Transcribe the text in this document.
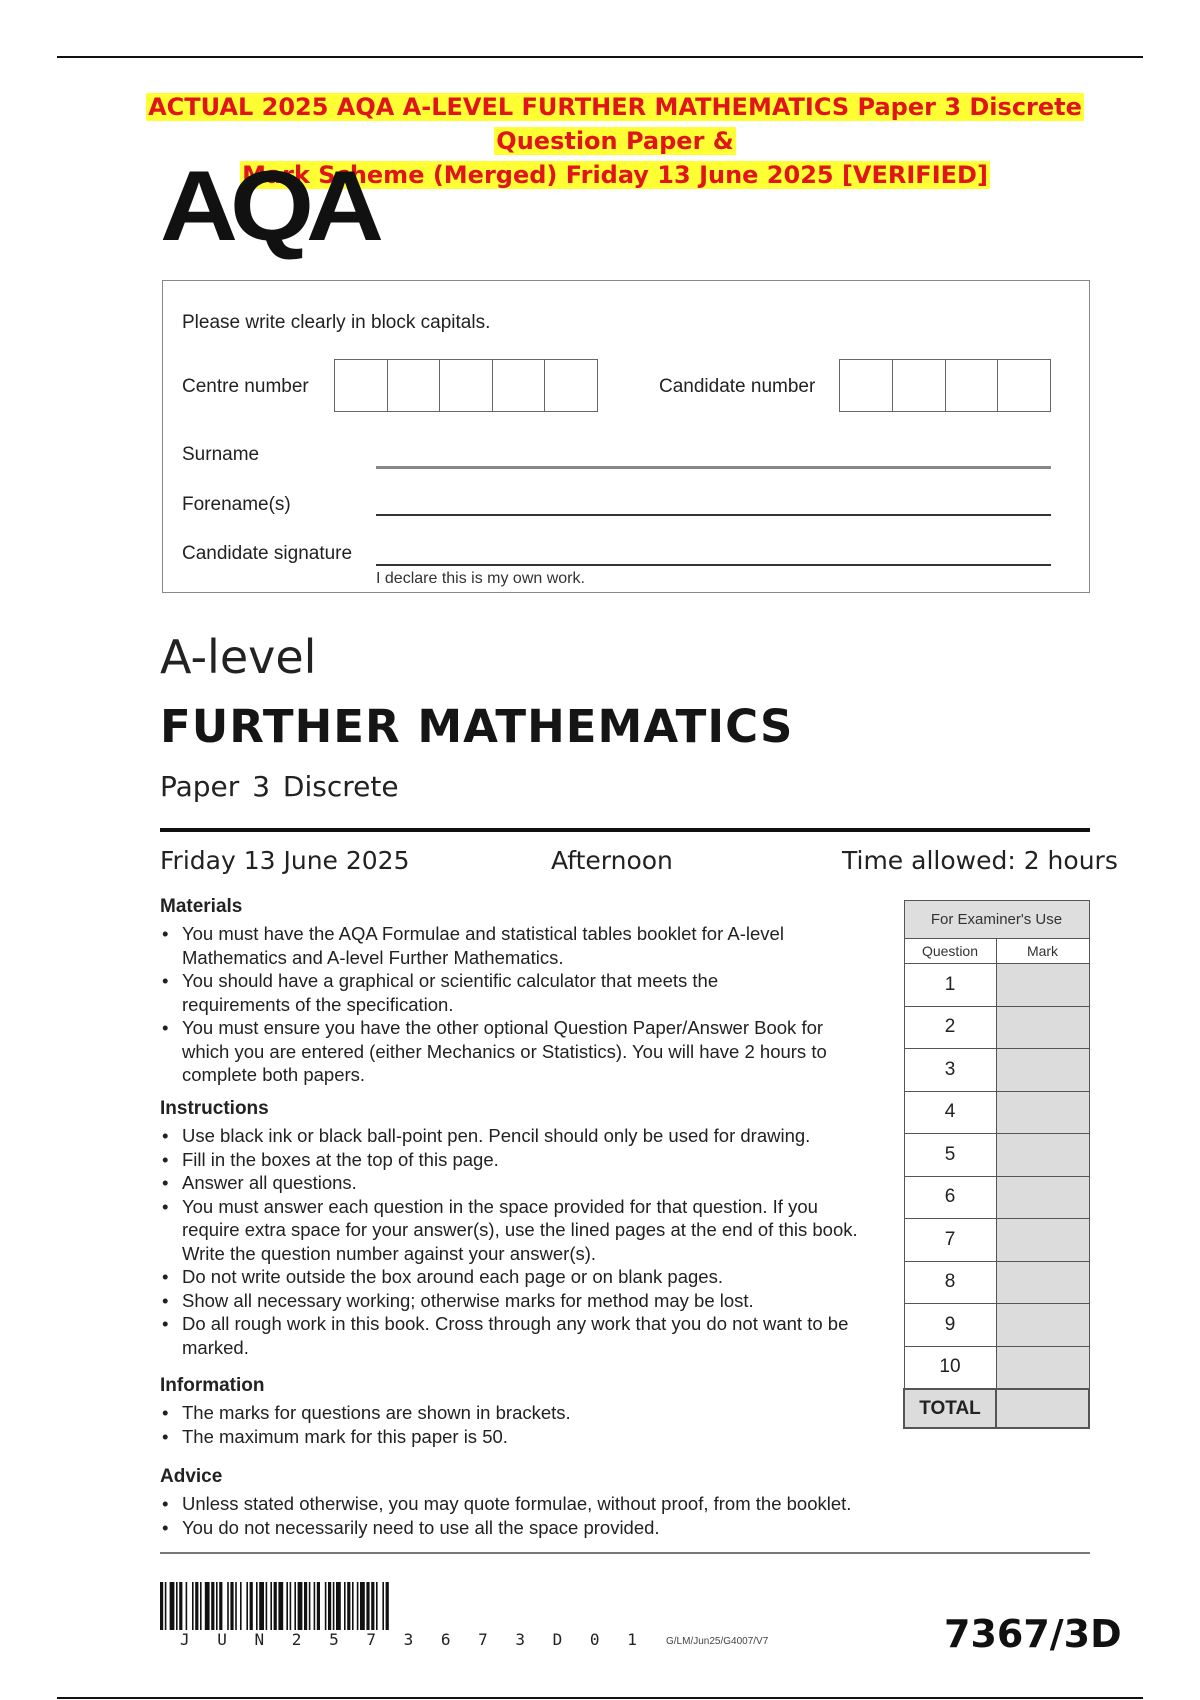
ACTUAL 2025 AQA A-LEVEL FURTHER MATHEMATICS Paper 3 Discrete Question Paper &
Mark Scheme (Merged) Friday 13 June 2025 [VERIFIED]
AQA
Please write clearly in block capitals.
Centre number	Candidate number
Surname
Forename(s)
Candidate signature
I declare this is my own work.
A-level
FURTHER MATHEMATICS
Paper 3 Discrete
Friday 13 June 2025	Afternoon	Time allowed: 2 hours
Materials
• You must have the AQA Formulae and statistical tables booklet for A-level Mathematics and A-level Further Mathematics.
• You should have a graphical or scientific calculator that meets the requirements of the specification.
• You must ensure you have the other optional Question Paper/Answer Book for which you are entered (either Mechanics or Statistics). You will have 2 hours to complete both papers.
Instructions
• Use black ink or black ball-point pen. Pencil should only be used for drawing.
• Fill in the boxes at the top of this page.
• Answer all questions.
• You must answer each question in the space provided for that question. If you require extra space for your answer(s), use the lined pages at the end of this book. Write the question number against your answer(s).
• Do not write outside the box around each page or on blank pages.
• Show all necessary working; otherwise marks for method may be lost.
• Do all rough work in this book. Cross through any work that you do not want to be marked.
Information
• The marks for questions are shown in brackets.
• The maximum mark for this paper is 50.
Advice
• Unless stated otherwise, you may quote formulae, without proof, from the booklet.
• You do not necessarily need to use all the space provided.
For Examiner's Use	
Question	Mark
1	
2	
3	
4	
5	
6	
7	
8	
9	
10	
TOTAL	
J U N 2 5 7 3 6 7 3 D 0 1 G/LM/Jun25/G4007/V7	7367/3D
